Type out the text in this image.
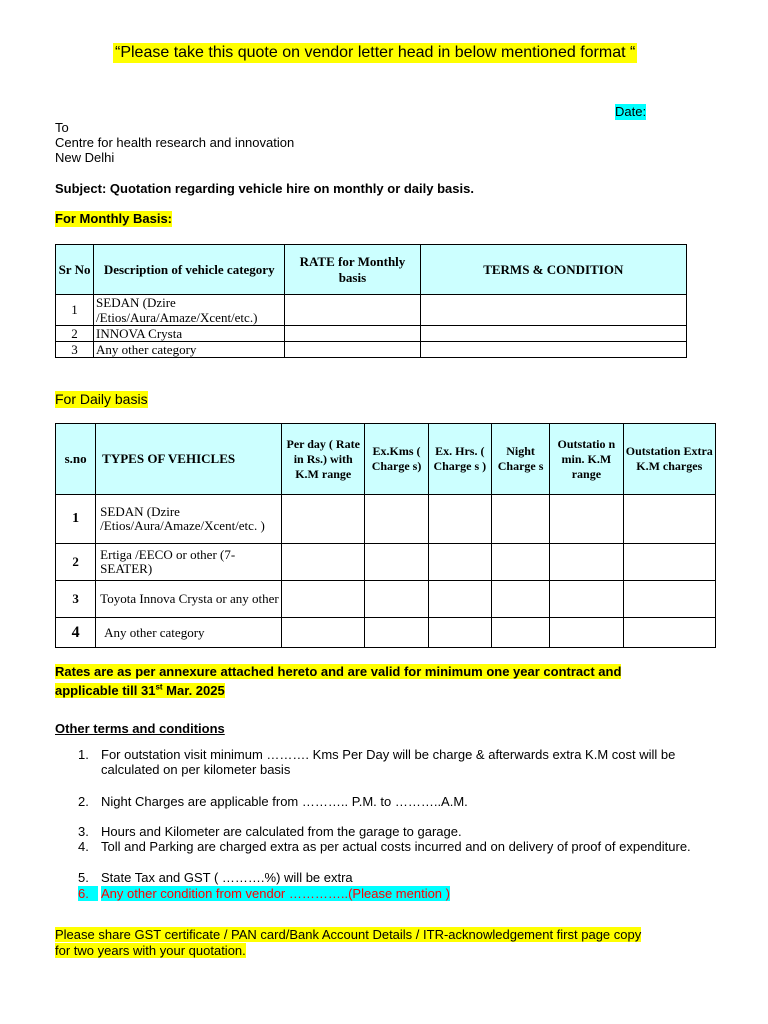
“Please take this quote on vendor letter head in below mentioned format “
Date:
To
Centre for health research and innovation
New Delhi
Subject: Quotation regarding vehicle hire on monthly or daily basis.
For Monthly Basis:
Sr No	Description of vehicle category	RATE for Monthly basis	TERMS & CONDITION
1	SEDAN (Dzire /Etios/Aura/Amaze/Xcent/etc.)		
2	INNOVA Crysta		
3	Any other category		
For Daily basis
s.no	TYPES OF VEHICLES	Per day ( Rate in Rs.) with K.M range	Ex.Kms ( Charge s)	Ex. Hrs. ( Charge s )	Night Charge s	Outstatio n min. K.M range	Outstation Extra K.M charges
1	SEDAN (Dzire /Etios/Aura/Amaze/Xcent/etc. )						
2	Ertiga /EECO or other (7-SEATER)						
3	Toyota Innova Crysta or any other						
4	Any other category						
Rates are as per annexure attached hereto and are valid for minimum one year contract and
applicable till 31st Mar. 2025
Other terms and conditions
1. For outstation visit minimum ………. Kms Per Day will be charge & afterwards extra K.M cost will be calculated on per kilometer basis
2. Night Charges are applicable from ……….. P.M. to ………..A.M.
3. Hours and Kilometer are calculated from the garage to garage.
4. Toll and Parking are charged extra as per actual costs incurred and on delivery of proof of expenditure.
5. State Tax and GST ( ……….%) will be extra
6. Any other condition from vendor …………..(Please mention )
Please share GST certificate / PAN card/Bank Account Details / ITR-acknowledgement first page copy
for two years with your quotation.
